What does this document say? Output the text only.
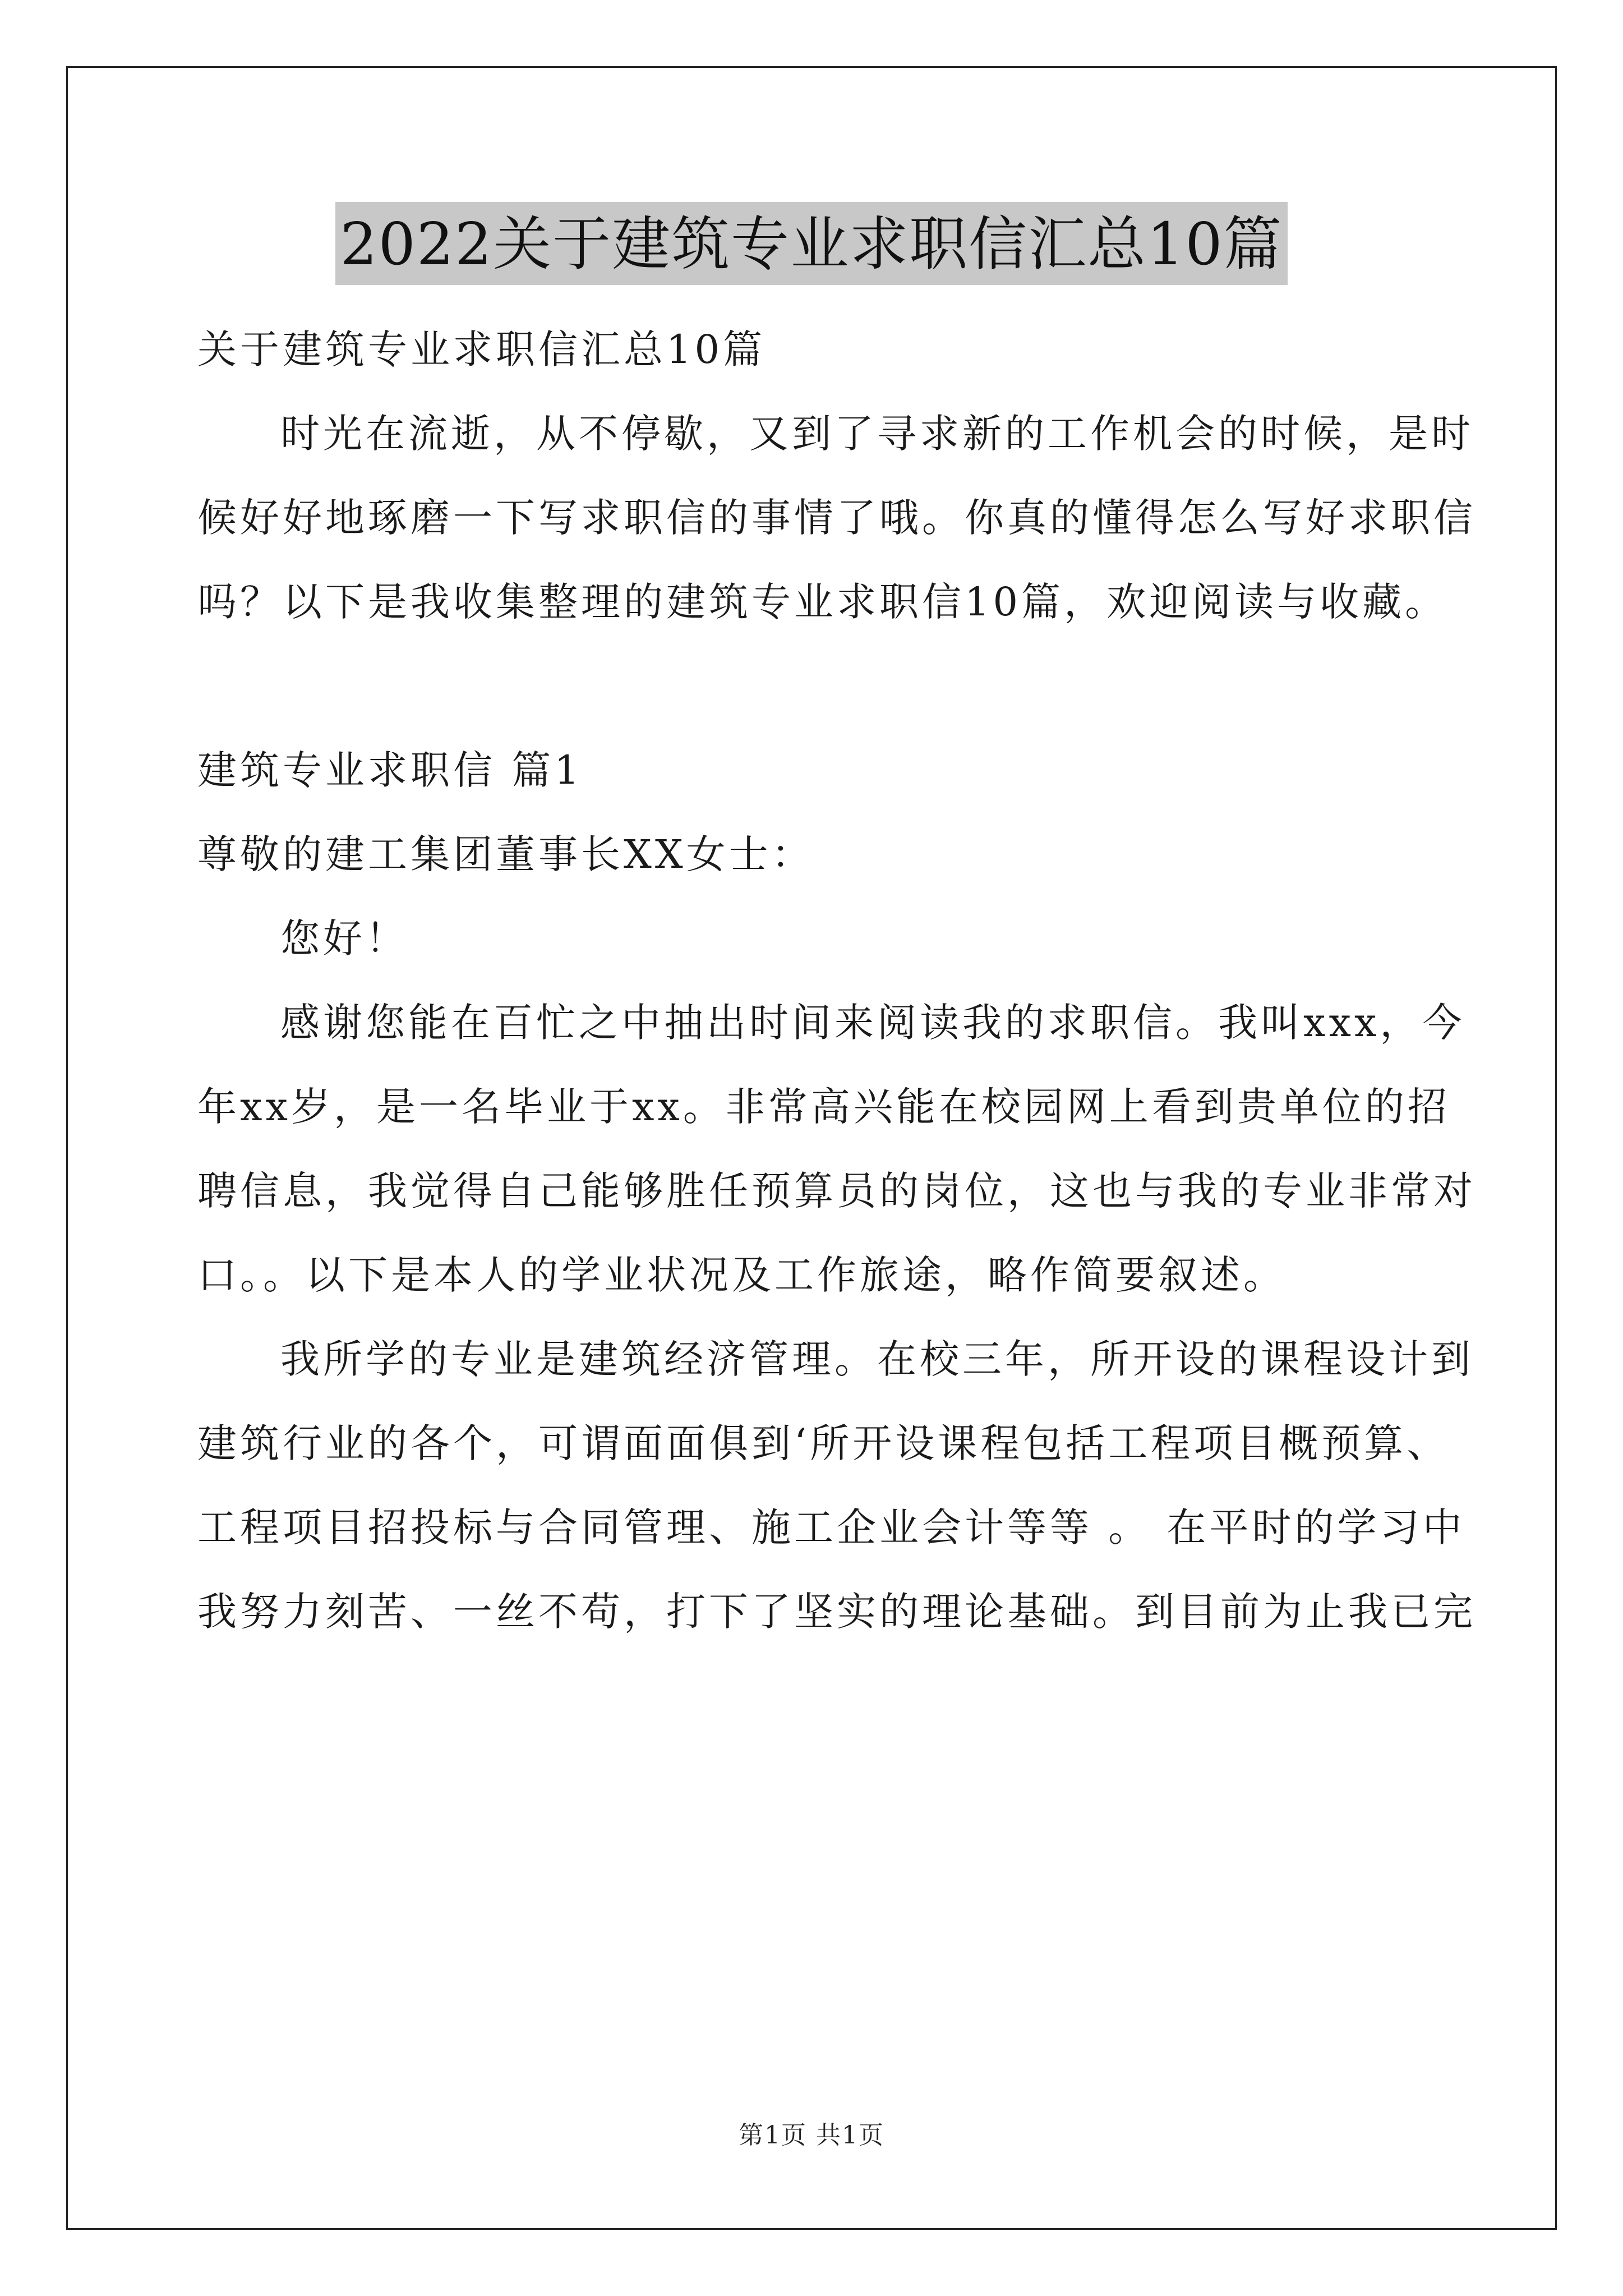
2022关于建筑专业求职信汇总10篇
关于建筑专业求职信汇总10篇
时光在流逝，从不停歇，又到了寻求新的工作机会的时候，是时
候好好地琢磨一下写求职信的事情了哦。你真的懂得怎么写好求职信
吗？以下是我收集整理的建筑专业求职信10篇，欢迎阅读与收藏。
建筑专业求职信 篇1
尊敬的建工集团董事长XX女士：
您好！
感谢您能在百忙之中抽出时间来阅读我的求职信。我叫xxx，今
年xx岁，是一名毕业于xx。非常高兴能在校园网上看到贵单位的招
聘信息，我觉得自己能够胜任预算员的岗位，这也与我的专业非常对
口。。以下是本人的学业状况及工作旅途，略作简要叙述。
我所学的专业是建筑经济管理。在校三年，所开设的课程设计到
建筑行业的各个，可谓面面俱到‘所开设课程包括工程项目概预算、
工程项目招投标与合同管理、施工企业会计等等 。 在平时的学习中
我努力刻苦、一丝不苟，打下了坚实的理论基础。到目前为止我已完
第1页 共1页
